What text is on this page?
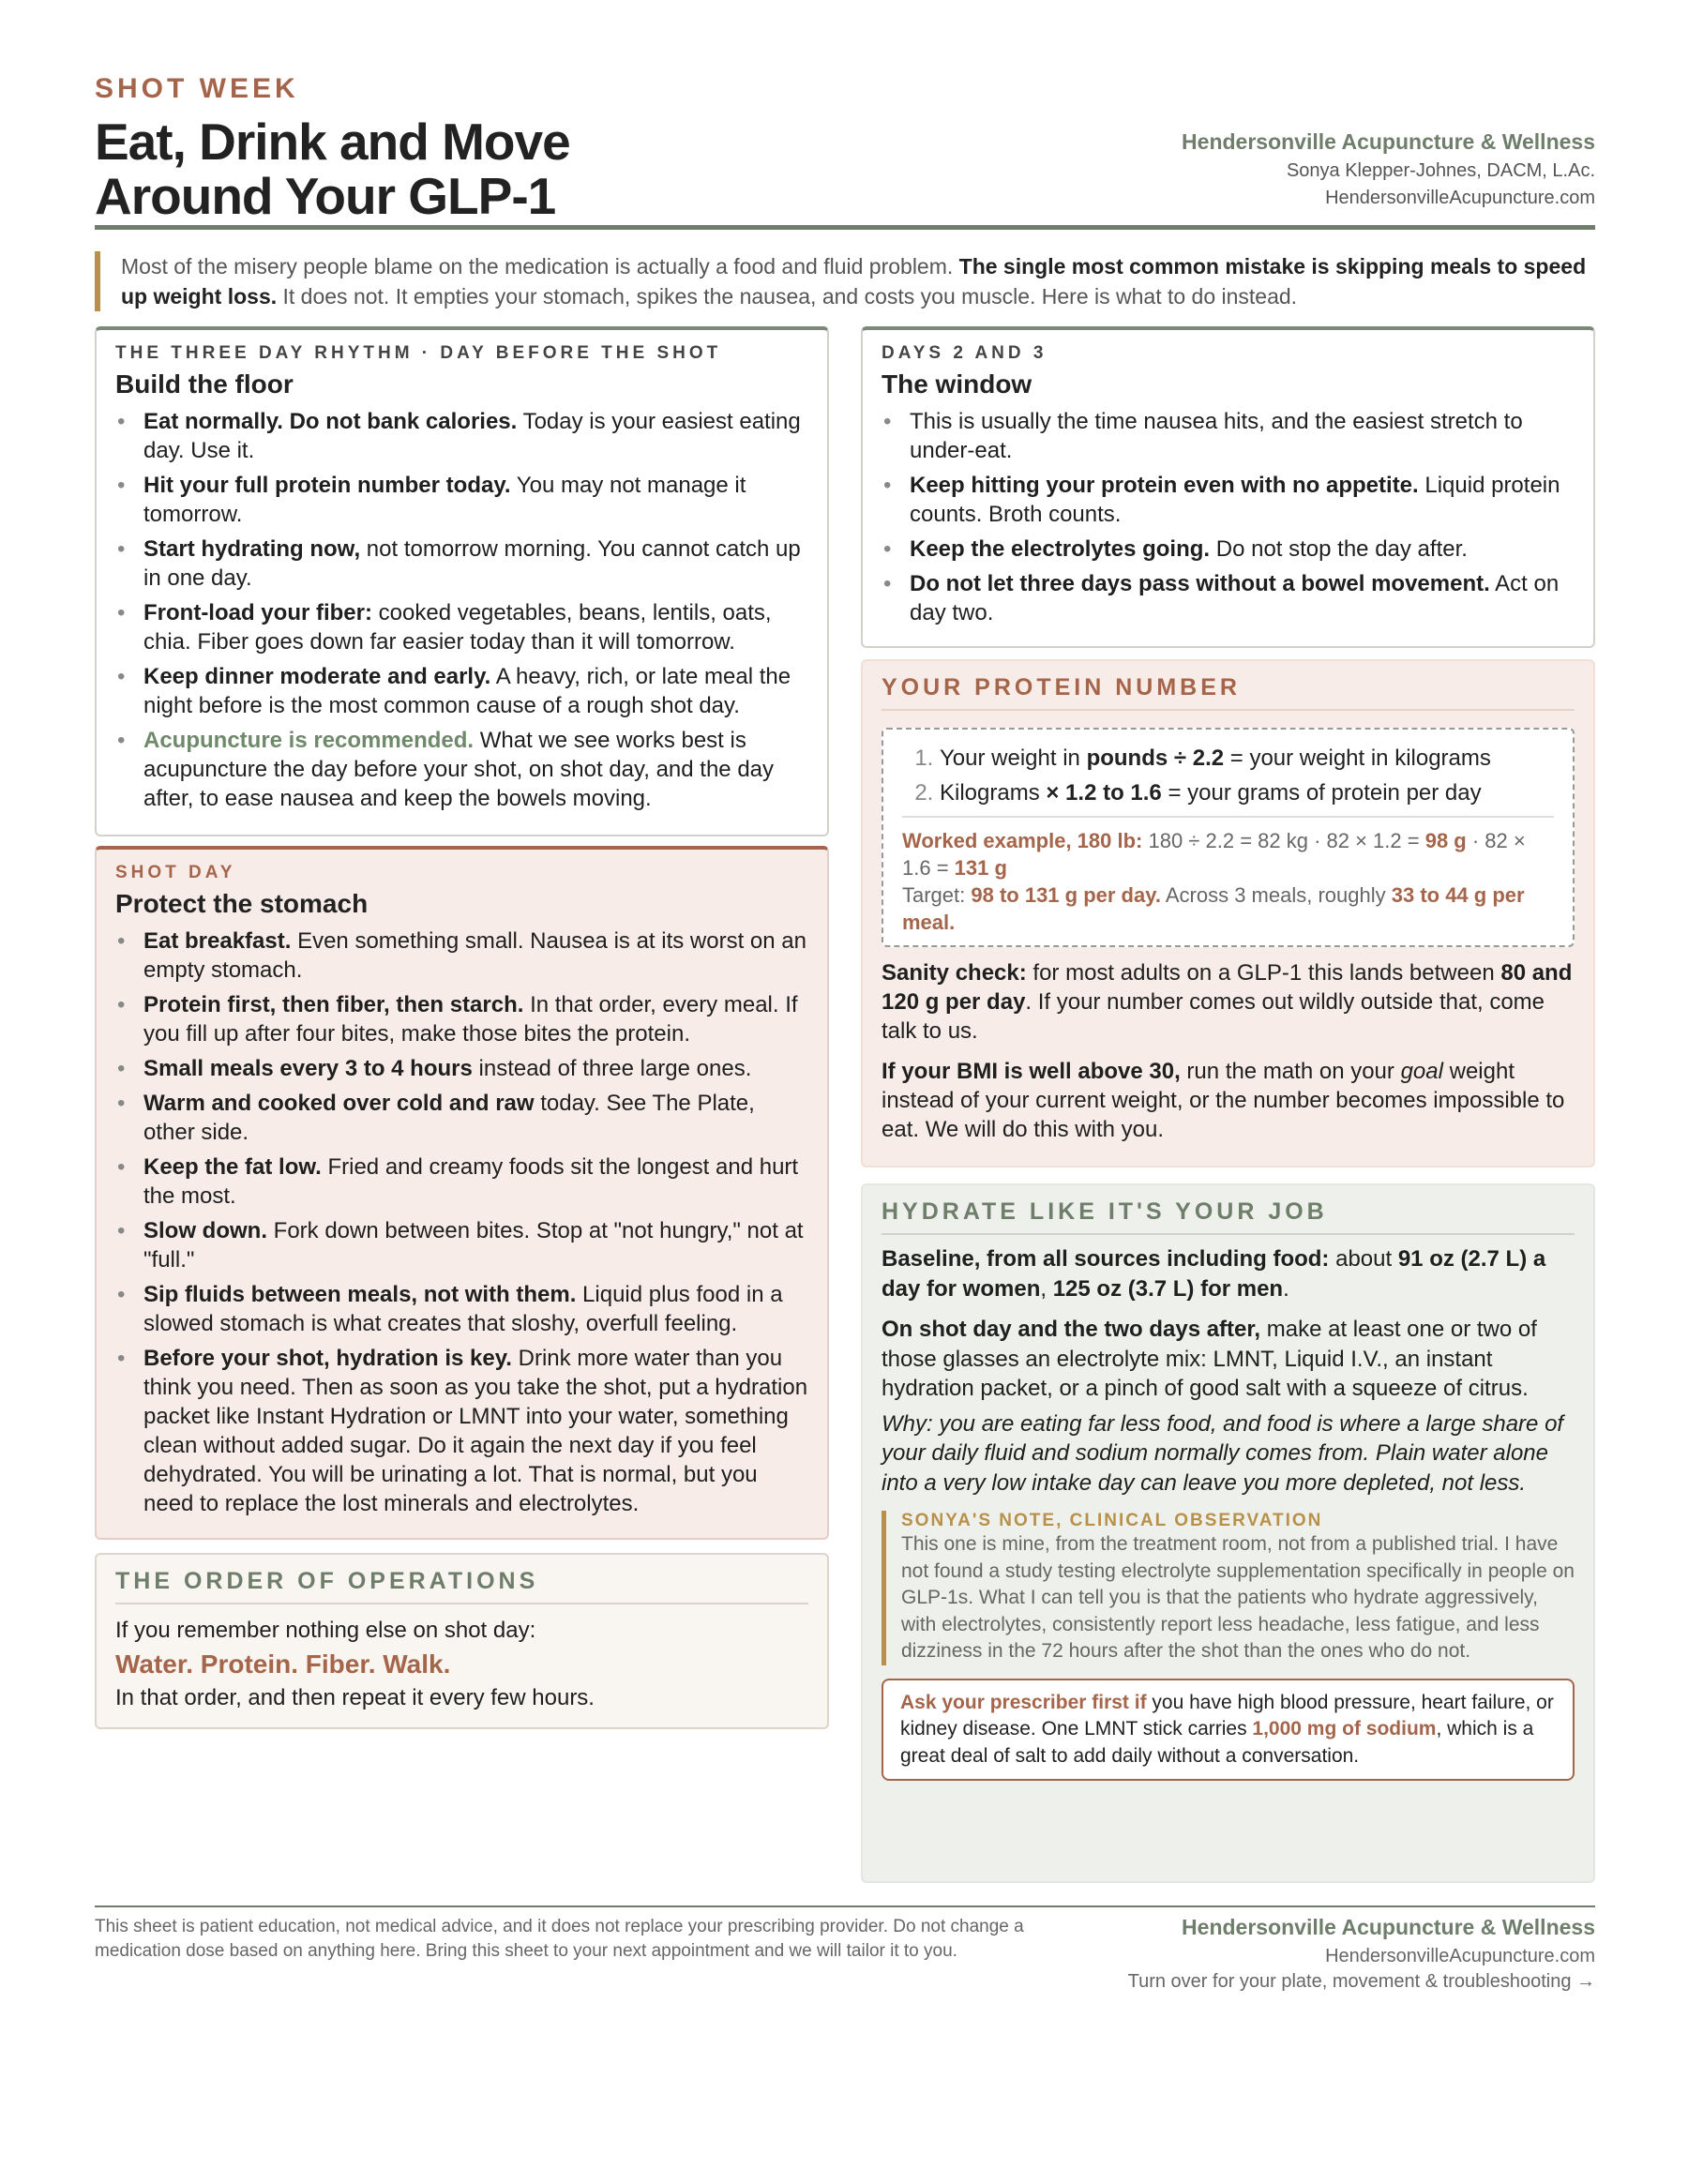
SHOT WEEK
Eat, Drink and Move
Around Your GLP-1
Hendersonville Acupuncture & Wellness
Sonya Klepper-Johnes, DACM, L.Ac.
HendersonvilleAcupuncture.com
Most of the misery people blame on the medication is actually a food and fluid problem. The single most common mistake is skipping meals to speed up weight loss. It does not. It empties your stomach, spikes the nausea, and costs you muscle. Here is what to do instead.
THE THREE DAY RHYTHM · DAY BEFORE THE SHOT
Build the floor
• Eat normally. Do not bank calories. Today is your easiest eating day. Use it.
• Hit your full protein number today. You may not manage it tomorrow.
• Start hydrating now, not tomorrow morning. You cannot catch up in one day.
• Front-load your fiber: cooked vegetables, beans, lentils, oats, chia. Fiber goes down far easier today than it will tomorrow.
• Keep dinner moderate and early. A heavy, rich, or late meal the night before is the most common cause of a rough shot day.
• Acupuncture is recommended. What we see works best is acupuncture the day before your shot, on shot day, and the day after, to ease nausea and keep the bowels moving.
DAYS 2 AND 3
The window
• This is usually the time nausea hits, and the easiest stretch to under-eat.
• Keep hitting your protein even with no appetite. Liquid protein counts. Broth counts.
• Keep the electrolytes going. Do not stop the day after.
• Do not let three days pass without a bowel movement. Act on day two.
SHOT DAY
Protect the stomach
• Eat breakfast. Even something small. Nausea is at its worst on an empty stomach.
• Protein first, then fiber, then starch. In that order, every meal. If you fill up after four bites, make those bites the protein.
• Small meals every 3 to 4 hours instead of three large ones.
• Warm and cooked over cold and raw today. See The Plate, other side.
• Keep the fat low. Fried and creamy foods sit the longest and hurt the most.
• Slow down. Fork down between bites. Stop at "not hungry," not at "full."
• Sip fluids between meals, not with them. Liquid plus food in a slowed stomach is what creates that sloshy, overfull feeling.
• Before your shot, hydration is key. Drink more water than you think you need. Then as soon as you take the shot, put a hydration packet like Instant Hydration or LMNT into your water, something clean without added sugar. Do it again the next day if you feel dehydrated. You will be urinating a lot. That is normal, but you need to replace the lost minerals and electrolytes.
THE ORDER OF OPERATIONS

If you remember nothing else on shot day:

Water. Protein. Fiber. Walk.

In that order, and then repeat it every few hours.

YOUR PROTEIN NUMBER
1. Your weight in pounds ÷ 2.2 = your weight in kilograms
2. Kilograms × 1.2 to 1.6 = your grams of protein per day
Worked example, 180 lb: 180 ÷ 2.2 = 82 kg · 82 × 1.2 = 98 g · 82 × 1.6 = 131 g
Target: 98 to 131 g per day. Across 3 meals, roughly 33 to 44 g per meal.

Sanity check: for most adults on a GLP-1 this lands between 80 and 120 g per day. If your number comes out wildly outside that, come talk to us.

If your BMI is well above 30, run the math on your goal weight instead of your current weight, or the number becomes impossible to eat. We will do this with you.

HYDRATE LIKE IT'S YOUR JOB

Baseline, from all sources including food: about 91 oz (2.7 L) a day for women, 125 oz (3.7 L) for men.

On shot day and the two days after, make at least one or two of those glasses an electrolyte mix: LMNT, Liquid I.V., an instant hydration packet, or a pinch of good salt with a squeeze of citrus.

Why: you are eating far less food, and food is where a large share of your daily fluid and sodium normally comes from. Plain water alone into a very low intake day can leave you more depleted, not less.

SONYA'S NOTE, CLINICAL OBSERVATION
This one is mine, from the treatment room, not from a published trial. I have not found a study testing electrolyte supplementation specifically in people on GLP-1s. What I can tell you is that the patients who hydrate aggressively, with electrolytes, consistently report less headache, less fatigue, and less dizziness in the 72 hours after the shot than the ones who do not.
Ask your prescriber first if you have high blood pressure, heart failure, or kidney disease. One LMNT stick carries 1,000 mg of sodium, which is a great deal of salt to add daily without a conversation.
This sheet is patient education, not medical advice, and it does not replace your prescribing provider. Do not change a medication dose based on anything here. Bring this sheet to your next appointment and we will tailor it to you.
Hendersonville Acupuncture & Wellness
HendersonvilleAcupuncture.com
Turn over for your plate, movement & troubleshooting →
